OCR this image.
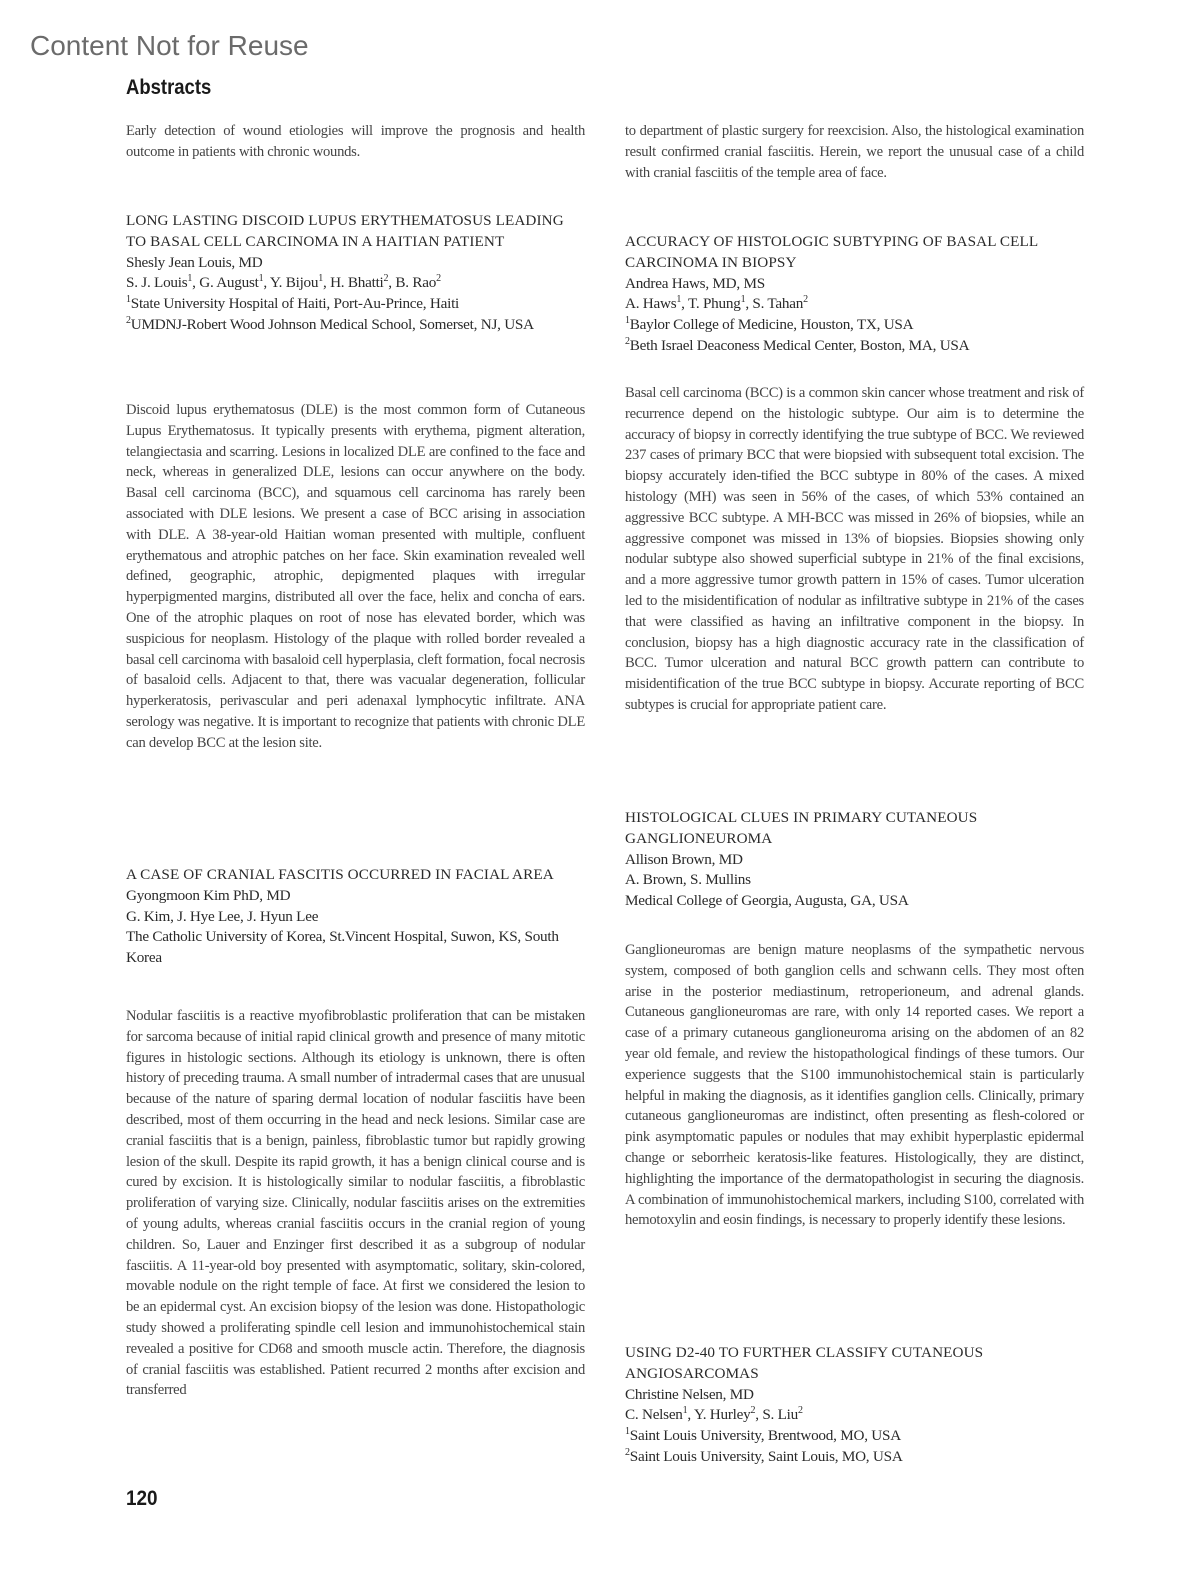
Content Not for Reuse
Abstracts
Early detection of wound etiologies will improve the prognosis and health outcome in patients with chronic wounds.
to department of plastic surgery for reexcision. Also, the histological examination result confirmed cranial fasciitis. Herein, we report the unusual case of a child with cranial fasciitis of the temple area of face.
LONG LASTING DISCOID LUPUS ERYTHEMATOSUS LEADING TO BASAL CELL CARCINOMA IN A HAITIAN PATIENT
Shesly Jean Louis, MD
S. J. Louis$^1$, G. August$^1$, Y. Bijou$^1$, H. Bhatti$^2$, B. Rao$^2$
$^1$State University Hospital of Haiti, Port-Au-Prince, Haiti
$^2$UMDNJ-Robert Wood Johnson Medical School, Somerset, NJ, USA
Discoid lupus erythematosus (DLE) is the most common form of Cutaneous Lupus Erythematosus. It typically presents with erythema, pigment alteration, telangiectasia and scarring. Lesions in localized DLE are confined to the face and neck, whereas in generalized DLE, lesions can occur anywhere on the body. Basal cell carcinoma (BCC), and squamous cell carcinoma has rarely been associated with DLE lesions. We present a case of BCC arising in association with DLE. A 38-year-old Haitian woman presented with multiple, confluent erythematous and atrophic patches on her face. Skin examination revealed well defined, geographic, atrophic, depigmented plaques with irregular hyperpigmented margins, distributed all over the face, helix and concha of ears. One of the atrophic plaques on root of nose has elevated border, which was suspicious for neoplasm. Histology of the plaque with rolled border revealed a basal cell carcinoma with basaloid cell hyperplasia, cleft formation, focal necrosis of basaloid cells. Adjacent to that, there was vacualar degeneration, follicular hyperkeratosis, perivascular and peri adenaxal lymphocytic infiltrate. ANA serology was negative. It is important to recognize that patients with chronic DLE can develop BCC at the lesion site.
A CASE OF CRANIAL FASCITIS OCCURRED IN FACIAL AREA
Gyongmoon Kim PhD, MD
G. Kim, J. Hye Lee, J. Hyun Lee
The Catholic University of Korea, St.Vincent Hospital, Suwon, KS, South Korea
Nodular fasciitis is a reactive myofibroblastic proliferation that can be mistaken for sarcoma because of initial rapid clinical growth and presence of many mitotic figures in histologic sections. Although its etiology is unknown, there is often history of preceding trauma. A small number of intradermal cases that are unusual because of the nature of sparing dermal location of nodular fasciitis have been described, most of them occurring in the head and neck lesions. Similar case are cranial fasciitis that is a benign, painless, fibroblastic tumor but rapidly growing lesion of the skull. Despite its rapid growth, it has a benign clinical course and is cured by excision. It is histologically similar to nodular fasciitis, a fibroblastic proliferation of varying size. Clinically, nodular fasciitis arises on the extremities of young adults, whereas cranial fasciitis occurs in the cranial region of young children. So, Lauer and Enzinger first described it as a subgroup of nodular fasciitis. A 11-year-old boy presented with asymptomatic, solitary, skin-colored, movable nodule on the right temple of face. At first we considered the lesion to be an epidermal cyst. An excision biopsy of the lesion was done. Histopathologic study showed a proliferating spindle cell lesion and immunohistochemical stain revealed a positive for CD68 and smooth muscle actin. Therefore, the diagnosis of cranial fasciitis was established. Patient recurred 2 months after excision and transferred
ACCURACY OF HISTOLOGIC SUBTYPING OF BASAL CELL CARCINOMA IN BIOPSY
Andrea Haws, MD, MS
A. Haws$^1$, T. Phung$^1$, S. Tahan$^2$
$^1$Baylor College of Medicine, Houston, TX, USA
$^2$Beth Israel Deaconess Medical Center, Boston, MA, USA
Basal cell carcinoma (BCC) is a common skin cancer whose treatment and risk of recurrence depend on the histologic subtype. Our aim is to determine the accuracy of biopsy in correctly identifying the true subtype of BCC. We reviewed 237 cases of primary BCC that were biopsied with subsequent total excision. The biopsy accurately iden-tified the BCC subtype in 80% of the cases. A mixed histology (MH) was seen in 56% of the cases, of which 53% contained an aggressive BCC subtype. A MH-BCC was missed in 26% of biopsies, while an aggressive componet was missed in 13% of biopsies. Biopsies showing only nodular subtype also showed superficial subtype in 21% of the final excisions, and a more aggressive tumor growth pattern in 15% of cases. Tumor ulceration led to the misidentification of nodular as infiltrative subtype in 21% of the cases that were classified as having an infiltrative component in the biopsy. In conclusion, biopsy has a high diagnostic accuracy rate in the classification of BCC. Tumor ulceration and natural BCC growth pattern can contribute to misidentification of the true BCC subtype in biopsy. Accurate reporting of BCC subtypes is crucial for appropriate patient care.
HISTOLOGICAL CLUES IN PRIMARY CUTANEOUS GANGLIONEUROMA
Allison Brown, MD
A. Brown, S. Mullins
Medical College of Georgia, Augusta, GA, USA
Ganglioneuromas are benign mature neoplasms of the sympathetic nervous system, composed of both ganglion cells and schwann cells. They most often arise in the posterior mediastinum, retroperioneum, and adrenal glands. Cutaneous ganglioneuromas are rare, with only 14 reported cases. We report a case of a primary cutaneous ganglioneuroma arising on the abdomen of an 82 year old female, and review the histopathological findings of these tumors. Our experience suggests that the S100 immunohistochemical stain is particularly helpful in making the diagnosis, as it identifies ganglion cells. Clinically, primary cutaneous ganglioneuromas are indistinct, often presenting as flesh-colored or pink asymptomatic papules or nodules that may exhibit hyperplastic epidermal change or seborrheic keratosis-like features. Histologically, they are distinct, highlighting the importance of the dermatopathologist in securing the diagnosis. A combination of immunohistochemical markers, including S100, correlated with hemotoxylin and eosin findings, is necessary to properly identify these lesions.
USING D2-40 TO FURTHER CLASSIFY CUTANEOUS ANGIOSARCOMAS
Christine Nelsen, MD
C. Nelsen$^1$, Y. Hurley$^2$, S. Liu$^2$
$^1$Saint Louis University, Brentwood, MO, USA
$^2$Saint Louis University, Saint Louis, MO, USA
120
